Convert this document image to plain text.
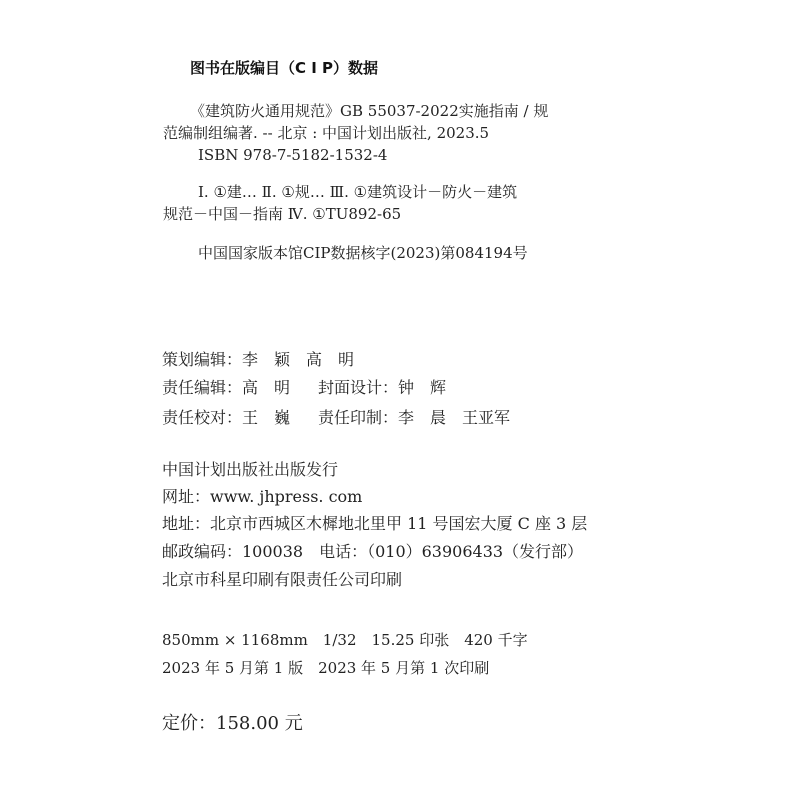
图书在版编目（C I P）数据
《建筑防火通用规范》GB 55037-2022实施指南 / 规
范编制组编著. -- 北京 : 中国计划出版社, 2023.5
ISBN 978-7-5182-1532-4
Ⅰ. ①建… Ⅱ. ①规… Ⅲ. ①建筑设计－防火－建筑
规范－中国－指南 Ⅳ. ①TU892-65
中国国家版本馆CIP数据核字(2023)第084194号
策划编辑： 李　颖　高　明
责任编辑： 高　明 封面设计： 钟　辉
责任校对： 王　巍 责任印制： 李　晨　王亚军
中国计划出版社出版发行
网址：www. jhpress. com
地址：北京市西城区木樨地北里甲 11 号国宏大厦 C 座 3 层
邮政编码：100038　电话：（010）63906433（发行部）
北京市科星印刷有限责任公司印刷
850mm × 1168mm　1/32　15.25 印张　420 千字
2023 年 5 月第 1 版　2023 年 5 月第 1 次印刷
定价：158.00 元
